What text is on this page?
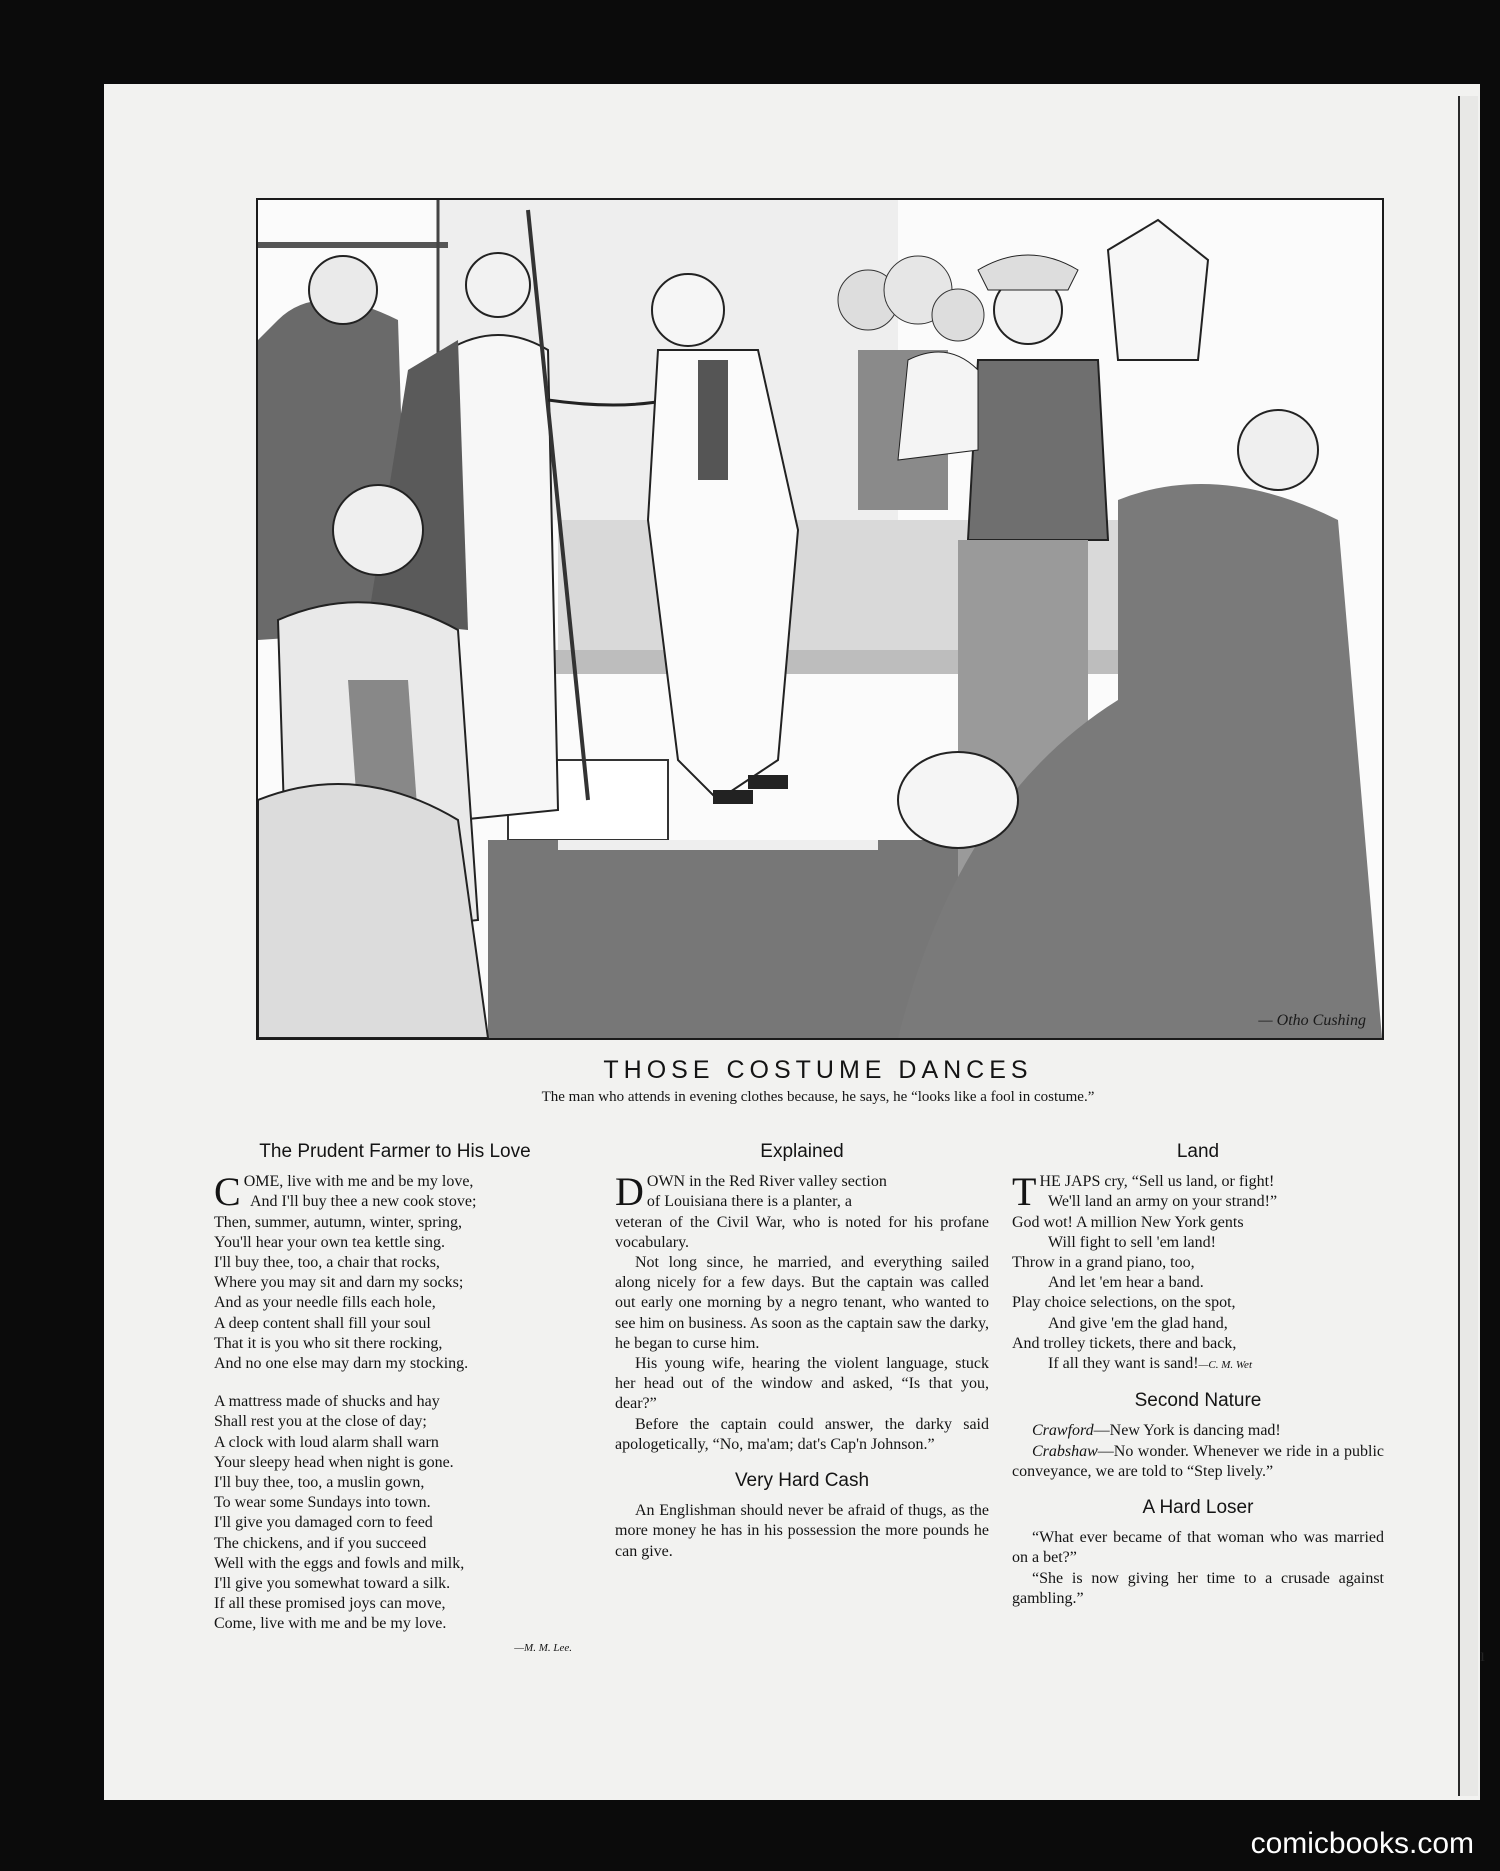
— Otho Cushing
THOSE COSTUME DANCES
The man who attends in evening clothes because, he says, he “looks like a fool in costume.”
The Prudent Farmer to His Love
C OME, live with me and be my love,
And I'll buy thee a new cook stove;
Then, summer, autumn, winter, spring,
You'll hear your own tea kettle sing.
I'll buy thee, too, a chair that rocks,
Where you may sit and darn my socks;
And as your needle fills each hole,
A deep content shall fill your soul
That it is you who sit there rocking,
And no one else may darn my stocking.
A mattress made of shucks and hay
Shall rest you at the close of day;
A clock with loud alarm shall warn
Your sleepy head when night is gone.
I'll buy thee, too, a muslin gown,
To wear some Sundays into town.
I'll give you damaged corn to feed
The chickens, and if you succeed
Well with the eggs and fowls and milk,
I'll give you somewhat toward a silk.
If all these promised joys can move,
Come, live with me and be my love.
—M. M. Lee.
Explained
D OWN in the Red River valley section
of Louisiana there is a planter, a

veteran of the Civil War, who is noted for his profane vocabulary.

Not long since, he married, and everything sailed along nicely for a few days. But the captain was called out early one morning by a negro tenant, who wanted to see him on business. As soon as the captain saw the darky, he began to curse him.

His young wife, hearing the violent language, stuck her head out of the window and asked, “Is that you, dear?”

Before the captain could answer, the darky said apologetically, “No, ma'am; dat's Cap'n Johnson.”

Very Hard Cash

An Englishman should never be afraid of thugs, as the more money he has in his possession the more pounds he can give.

Land
T HE JAPS cry, “Sell us land, or fight!
We'll land an army on your strand!”
God wot! A million New York gents
Will fight to sell 'em land!
Throw in a grand piano, too,
And let 'em hear a band.
Play choice selections, on the spot,
And give 'em the glad hand,
And trolley tickets, there and back,
If all they want is sand!—C. M. Wet
Second Nature

Crawford—New York is dancing mad!

Crabshaw—No wonder. Whenever we ride in a public conveyance, we are told to “Step lively.”

A Hard Loser

“What ever became of that woman who was married on a bet?”

“She is now giving her time to a crusade against gambling.”

ı
comicbooks.com
